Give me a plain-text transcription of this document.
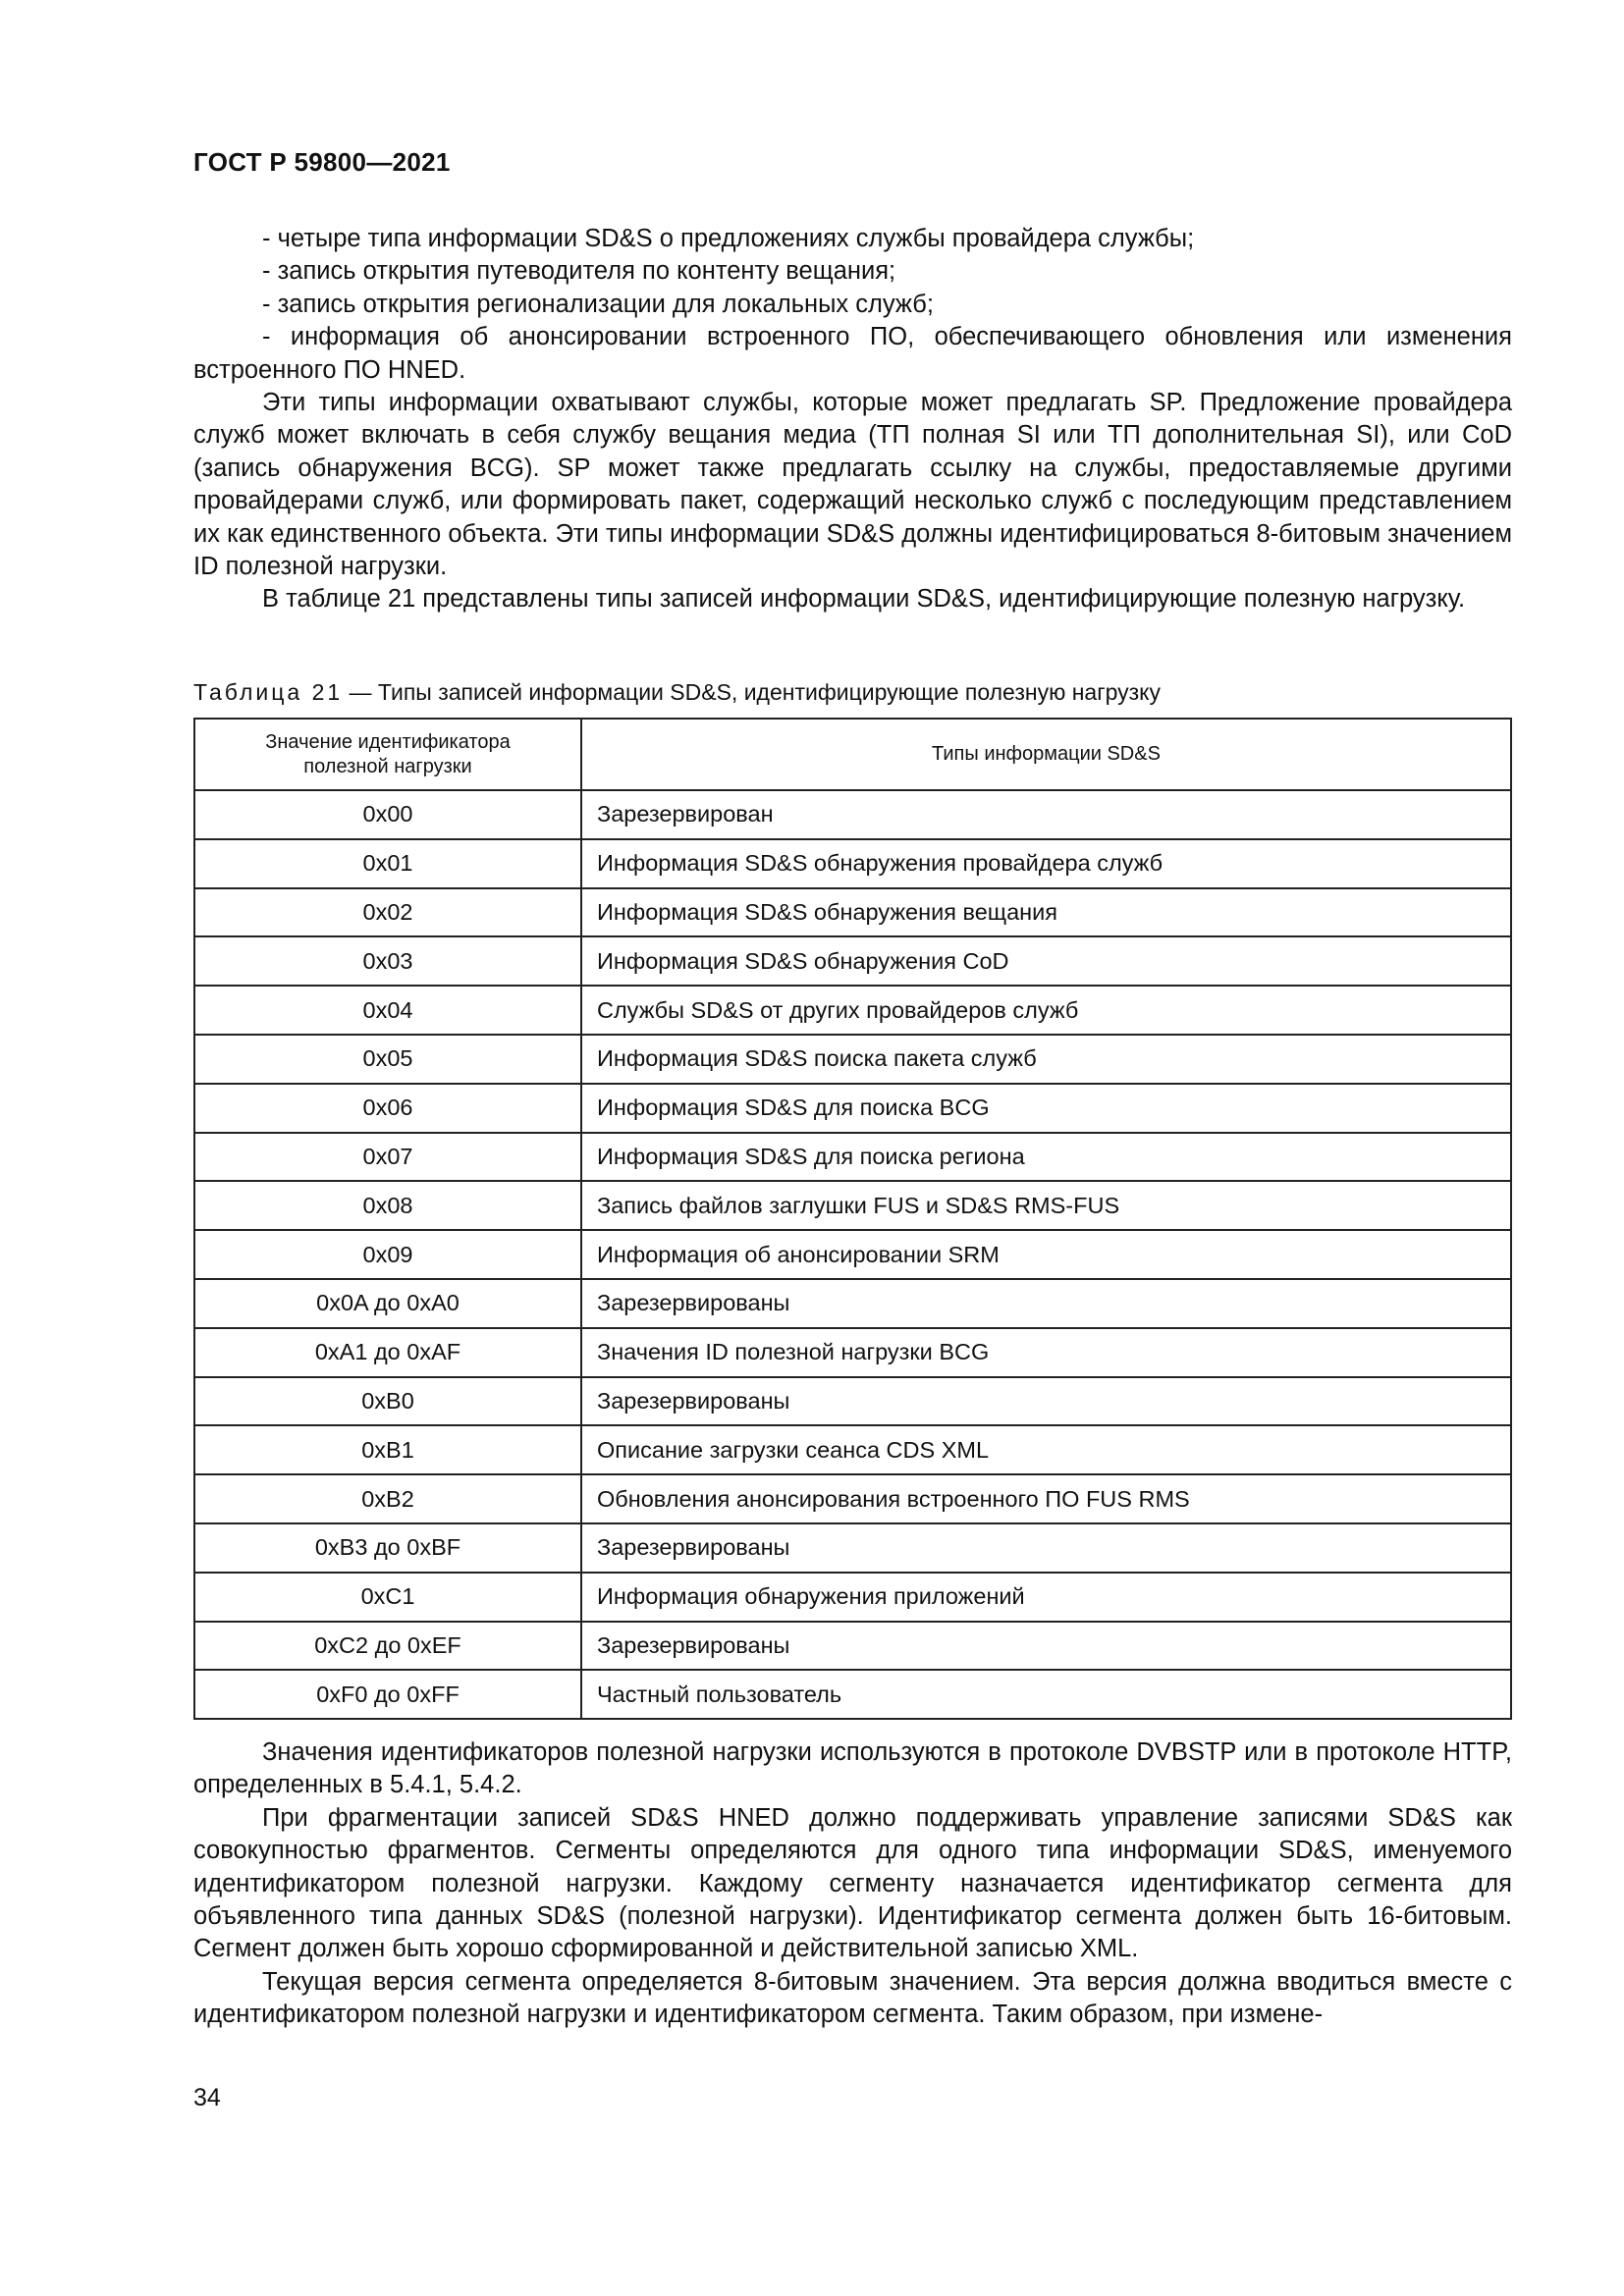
ГОСТ Р 59800—2021

- четыре типа информации SD&S о предложениях службы провайдера службы;

- запись открытия путеводителя по контенту вещания;

- запись открытия регионализации для локальных служб;

- информация об анонсировании встроенного ПО, обеспечивающего обновления или изменения встроенного ПО HNED.

Эти типы информации охватывают службы, которые может предлагать SP. Предложение провайдера служб может включать в себя службу вещания медиа (ТП полная SI или ТП дополнительная SI), или CoD (запись обнаружения BCG). SP может также предлагать ссылку на службы, предоставляемые другими провайдерами служб, или формировать пакет, содержащий несколько служб с последующим представлением их как единственного объекта. Эти типы информации SD&S должны идентифицироваться 8-битовым значением ID полезной нагрузки.

В таблице 21 представлены типы записей информации SD&S, идентифицирующие полезную нагрузку.

Таблица 21 — Типы записей информации SD&S, идентифицирующие полезную нагрузку
Значение идентификатора
полезной нагрузки	Типы информации SD&S
0x00	Зарезервирован
0x01	Информация SD&S обнаружения провайдера служб
0x02	Информация SD&S обнаружения вещания
0x03	Информация SD&S обнаружения CoD
0x04	Службы SD&S от других провайдеров служб
0x05	Информация SD&S поиска пакета служб
0x06	Информация SD&S для поиска BCG
0x07	Информация SD&S для поиска региона
0x08	Запись файлов заглушки FUS и SD&S RMS-FUS
0x09	Информация об анонсировании SRM
0x0A до 0xA0	Зарезервированы
0xA1 до 0xAF	Значения ID полезной нагрузки BCG
0xB0	Зарезервированы
0xB1	Описание загрузки сеанса CDS XML
0xB2	Обновления анонсирования встроенного ПО FUS RMS
0xB3 до 0xBF	Зарезервированы
0xC1	Информация обнаружения приложений
0xC2 до 0xEF	Зарезервированы
0xF0 до 0xFF	Частный пользователь

Значения идентификаторов полезной нагрузки используются в протоколе DVBSTP или в протоколе HTTP, определенных в 5.4.1, 5.4.2.

При фрагментации записей SD&S HNED должно поддерживать управление записями SD&S как совокупностью фрагментов. Сегменты определяются для одного типа информации SD&S, именуемого идентификатором полезной нагрузки. Каждому сегменту назначается идентификатор сегмента для объявленного типа данных SD&S (полезной нагрузки). Идентификатор сегмента должен быть 16-битовым. Сегмент должен быть хорошо сформированной и действительной записью XML.

Текущая версия сегмента определяется 8-битовым значением. Эта версия должна вводиться вместе с идентификатором полезной нагрузки и идентификатором сегмента. Таким образом, при измене-

34
